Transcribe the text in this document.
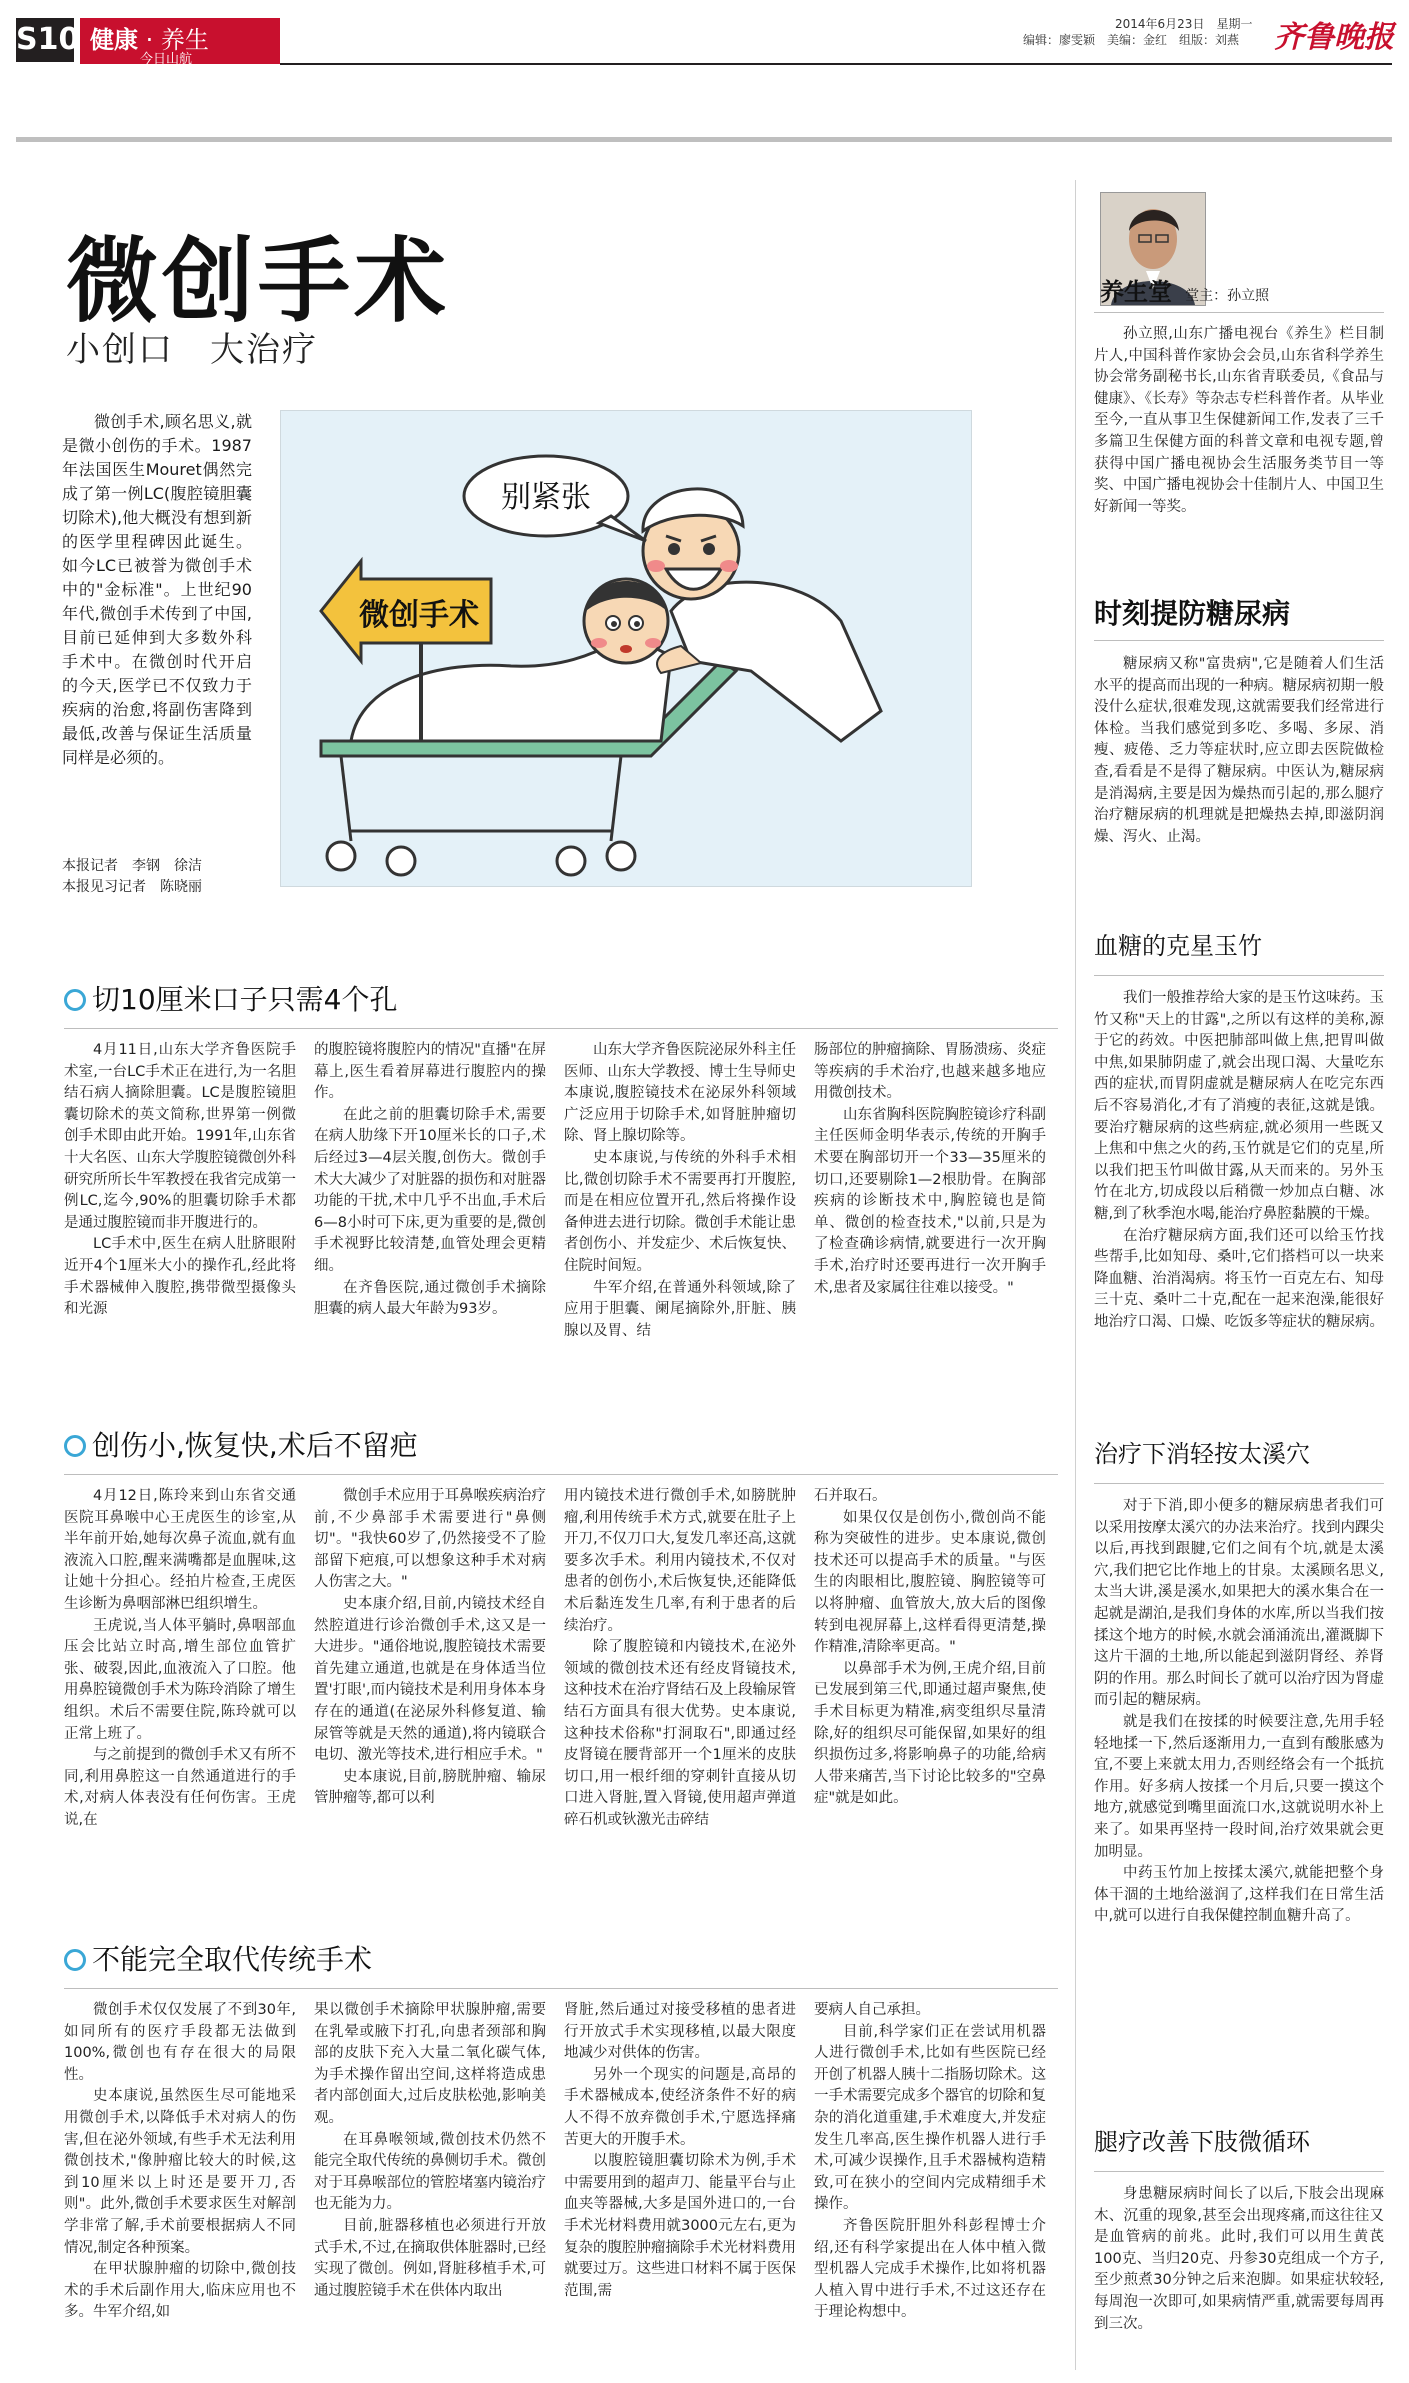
S10 健康 · 养生
今日山航
2014年6月23日　星期一
编辑：廖雯颖　美编：金红　组版：刘燕	齐鲁晚报
微创手术
小创口　大治疗

微创手术,顾名思义,就是微小创伤的手术。1987年法国医生Mouret偶然完成了第一例LC(腹腔镜胆囊切除术),他大概没有想到新的医学里程碑因此诞生。如今LC已被誉为微创手术中的"金标准"。上世纪90年代,微创手术传到了中国,目前已延伸到大多数外科手术中。在微创时代开启的今天,医学已不仅致力于疾病的治愈,将副伤害降到最低,改善与保证生活质量同样是必须的。

本报记者　李钢　徐洁
本报见习记者　陈晓丽
别紧张
微创手术
切10厘米口子只需4个孔

4月11日,山东大学齐鲁医院手术室,一台LC手术正在进行,为一名胆结石病人摘除胆囊。LC是腹腔镜胆囊切除术的英文简称,世界第一例微创手术即由此开始。1991年,山东省十大名医、山东大学腹腔镜微创外科研究所所长牛军教授在我省完成第一例LC,迄今,90%的胆囊切除手术都是通过腹腔镜而非开腹进行的。

LC手术中,医生在病人肚脐眼附近开4个1厘米大小的操作孔,经此将手术器械伸入腹腔,携带微型摄像头和光源

的腹腔镜将腹腔内的情况"直播"在屏幕上,医生看着屏幕进行腹腔内的操作。

在此之前的胆囊切除手术,需要在病人肋缘下开10厘米长的口子,术后经过3—4层关腹,创伤大。微创手术大大减少了对脏器的损伤和对脏器功能的干扰,术中几乎不出血,手术后6—8小时可下床,更为重要的是,微创手术视野比较清楚,血管处理会更精细。

在齐鲁医院,通过微创手术摘除胆囊的病人最大年龄为93岁。

山东大学齐鲁医院泌尿外科主任医师、山东大学教授、博士生导师史本康说,腹腔镜技术在泌尿外科领域广泛应用于切除手术,如肾脏肿瘤切除、肾上腺切除等。

史本康说,与传统的外科手术相比,微创切除手术不需要再打开腹腔,而是在相应位置开孔,然后将操作设备伸进去进行切除。微创手术能让患者创伤小、并发症少、术后恢复快、住院时间短。

牛军介绍,在普通外科领域,除了应用于胆囊、阑尾摘除外,肝脏、胰腺以及胃、结

肠部位的肿瘤摘除、胃肠溃疡、炎症等疾病的手术治疗,也越来越多地应用微创技术。

山东省胸科医院胸腔镜诊疗科副主任医师金明华表示,传统的开胸手术要在胸部切开一个33—35厘米的切口,还要剔除1—2根肋骨。在胸部疾病的诊断技术中,胸腔镜也是简单、微创的检查技术,"以前,只是为了检查确诊病情,就要进行一次开胸手术,治疗时还要再进行一次开胸手术,患者及家属往往难以接受。"

创伤小,恢复快,术后不留疤

4月12日,陈玲来到山东省交通医院耳鼻喉中心王虎医生的诊室,从半年前开始,她每次鼻子流血,就有血液流入口腔,醒来满嘴都是血腥味,这让她十分担心。经拍片检查,王虎医生诊断为鼻咽部淋巴组织增生。

王虎说,当人体平躺时,鼻咽部血压会比站立时高,增生部位血管扩张、破裂,因此,血液流入了口腔。他用鼻腔镜微创手术为陈玲消除了增生组织。术后不需要住院,陈玲就可以正常上班了。

与之前提到的微创手术又有所不同,利用鼻腔这一自然通道进行的手术,对病人体表没有任何伤害。王虎说,在

微创手术应用于耳鼻喉疾病治疗前,不少鼻部手术需要进行"鼻侧切"。"我快60岁了,仍然接受不了脸部留下疤痕,可以想象这种手术对病人伤害之大。"

史本康介绍,目前,内镜技术经自然腔道进行诊治微创手术,这又是一大进步。"通俗地说,腹腔镜技术需要首先建立通道,也就是在身体适当位置'打眼',而内镜技术是利用身体本身存在的通道(在泌尿外科修复道、输尿管等就是天然的通道),将内镜联合电切、激光等技术,进行相应手术。"

史本康说,目前,膀胱肿瘤、输尿管肿瘤等,都可以利

用内镜技术进行微创手术,如膀胱肿瘤,利用传统手术方式,就要在肚子上开刀,不仅刀口大,复发几率还高,这就要多次手术。利用内镜技术,不仅对患者的创伤小,术后恢复快,还能降低术后黏连发生几率,有利于患者的后续治疗。

除了腹腔镜和内镜技术,在泌外领域的微创技术还有经皮肾镜技术,这种技术在治疗肾结石及上段输尿管结石方面具有很大优势。史本康说,这种技术俗称"打洞取石",即通过经皮肾镜在腰背部开一个1厘米的皮肤切口,用一根纤细的穿刺针直接从切口进入肾脏,置入肾镜,使用超声弹道碎石机或钬激光击碎结

石并取石。

如果仅仅是创伤小,微创尚不能称为突破性的进步。史本康说,微创技术还可以提高手术的质量。"与医生的肉眼相比,腹腔镜、胸腔镜等可以将肿瘤、血管放大,放大后的图像转到电视屏幕上,这样看得更清楚,操作精准,清除率更高。"

以鼻部手术为例,王虎介绍,目前已发展到第三代,即通过超声聚焦,使手术目标更为精准,病变组织尽量清除,好的组织尽可能保留,如果好的组织损伤过多,将影响鼻子的功能,给病人带来痛苦,当下讨论比较多的"空鼻症"就是如此。

不能完全取代传统手术

微创手术仅仅发展了不到30年,如同所有的医疗手段都无法做到100%,微创也有存在很大的局限性。

史本康说,虽然医生尽可能地采用微创手术,以降低手术对病人的伤害,但在泌外领域,有些手术无法利用微创技术,"像肿瘤比较大的时候,这到10厘米以上时还是要开刀,否则"。此外,微创手术要求医生对解剖学非常了解,手术前要根据病人不同情况,制定各种预案。

在甲状腺肿瘤的切除中,微创技术的手术后副作用大,临床应用也不多。牛军介绍,如

果以微创手术摘除甲状腺肿瘤,需要在乳晕或腋下打孔,向患者颈部和胸部的皮肤下充入大量二氧化碳气体,为手术操作留出空间,这样将造成患者内部创面大,过后皮肤松弛,影响美观。

在耳鼻喉领域,微创技术仍然不能完全取代传统的鼻侧切手术。微创对于耳鼻喉部位的管腔堵塞内镜治疗也无能为力。

目前,脏器移植也必须进行开放式手术,不过,在摘取供体脏器时,已经实现了微创。例如,肾脏移植手术,可通过腹腔镜手术在供体内取出

肾脏,然后通过对接受移植的患者进行开放式手术实现移植,以最大限度地减少对供体的伤害。

另外一个现实的问题是,高昂的手术器械成本,使经济条件不好的病人不得不放弃微创手术,宁愿选择痛苦更大的开腹手术。

以腹腔镜胆囊切除术为例,手术中需要用到的超声刀、能量平台与止血夹等器械,大多是国外进口的,一台手术光材料费用就3000元左右,更为复杂的腹腔肿瘤摘除手术光材料费用就要过万。这些进口材料不属于医保范围,需

要病人自己承担。

目前,科学家们正在尝试用机器人进行微创手术,比如有些医院已经开创了机器人胰十二指肠切除术。这一手术需要完成多个器官的切除和复杂的消化道重建,手术难度大,并发症发生几率高,医生操作机器人进行手术,可减少误操作,且手术器械构造精致,可在狭小的空间内完成精细手术操作。

齐鲁医院肝胆外科彭程博士介绍,还有科学家提出在人体中植入微型机器人完成手术操作,比如将机器人植入胃中进行手术,不过这还存在于理论构想中。

养生堂 堂主：孙立照

孙立照,山东广播电视台《养生》栏目制片人,中国科普作家协会会员,山东省科学养生协会常务副秘书长,山东省青联委员,《食品与健康》、《长寿》等杂志专栏科普作者。从毕业至今,一直从事卫生保健新闻工作,发表了三千多篇卫生保健方面的科普文章和电视专题,曾获得中国广播电视协会生活服务类节目一等奖、中国广播电视协会十佳制片人、中国卫生好新闻一等奖。

时刻提防糖尿病

糖尿病又称"富贵病",它是随着人们生活水平的提高而出现的一种病。糖尿病初期一般没什么症状,很难发现,这就需要我们经常进行体检。当我们感觉到多吃、多喝、多尿、消瘦、疲倦、乏力等症状时,应立即去医院做检查,看看是不是得了糖尿病。中医认为,糖尿病是消渴病,主要是因为燥热而引起的,那么腿疗治疗糖尿病的机理就是把燥热去掉,即滋阴润燥、泻火、止渴。

血糖的克星玉竹

我们一般推荐给大家的是玉竹这味药。玉竹又称"天上的甘露",之所以有这样的美称,源于它的药效。中医把肺部叫做上焦,把胃叫做中焦,如果肺阴虚了,就会出现口渴、大量吃东西的症状,而胃阴虚就是糖尿病人在吃完东西后不容易消化,才有了消瘦的表征,这就是饿。要治疗糖尿病的这些病症,就必须用一些既又上焦和中焦之火的药,玉竹就是它们的克星,所以我们把玉竹叫做甘露,从天而来的。另外玉竹在北方,切成段以后稍微一炒加点白糖、冰糖,到了秋季泡水喝,能治疗鼻腔黏膜的干燥。

在治疗糖尿病方面,我们还可以给玉竹找些帮手,比如知母、桑叶,它们搭档可以一块来降血糖、治消渴病。将玉竹一百克左右、知母三十克、桑叶二十克,配在一起来泡澡,能很好地治疗口渴、口燥、吃饭多等症状的糖尿病。

治疗下消轻按太溪穴

对于下消,即小便多的糖尿病患者我们可以采用按摩太溪穴的办法来治疗。找到内踝尖以后,再找到跟腱,它们之间有个坑,就是太溪穴,我们把它比作地上的甘泉。太溪顾名思义,太当大讲,溪是溪水,如果把大的溪水集合在一起就是湖泊,是我们身体的水库,所以当我们按揉这个地方的时候,水就会涌涌流出,灌溉脚下这片干涸的土地,所以能起到滋阴肾经、养肾阴的作用。那么时间长了就可以治疗因为肾虚而引起的糖尿病。

就是我们在按揉的时候要注意,先用手轻轻地揉一下,然后逐渐用力,一直到有酸胀感为宜,不要上来就太用力,否则经络会有一个抵抗作用。好多病人按揉一个月后,只要一摸这个地方,就感觉到嘴里面流口水,这就说明水补上来了。如果再坚持一段时间,治疗效果就会更加明显。

中药玉竹加上按揉太溪穴,就能把整个身体干涸的土地给滋润了,这样我们在日常生活中,就可以进行自我保健控制血糖升高了。

腿疗改善下肢微循环

身患糖尿病时间长了以后,下肢会出现麻木、沉重的现象,甚至会出现疼痛,而这往往又是血管病的前兆。此时,我们可以用生黄芪100克、当归20克、丹参30克组成一个方子,至少煎煮30分钟之后来泡脚。如果症状较轻,每周泡一次即可,如果病情严重,就需要每周再到三次。
